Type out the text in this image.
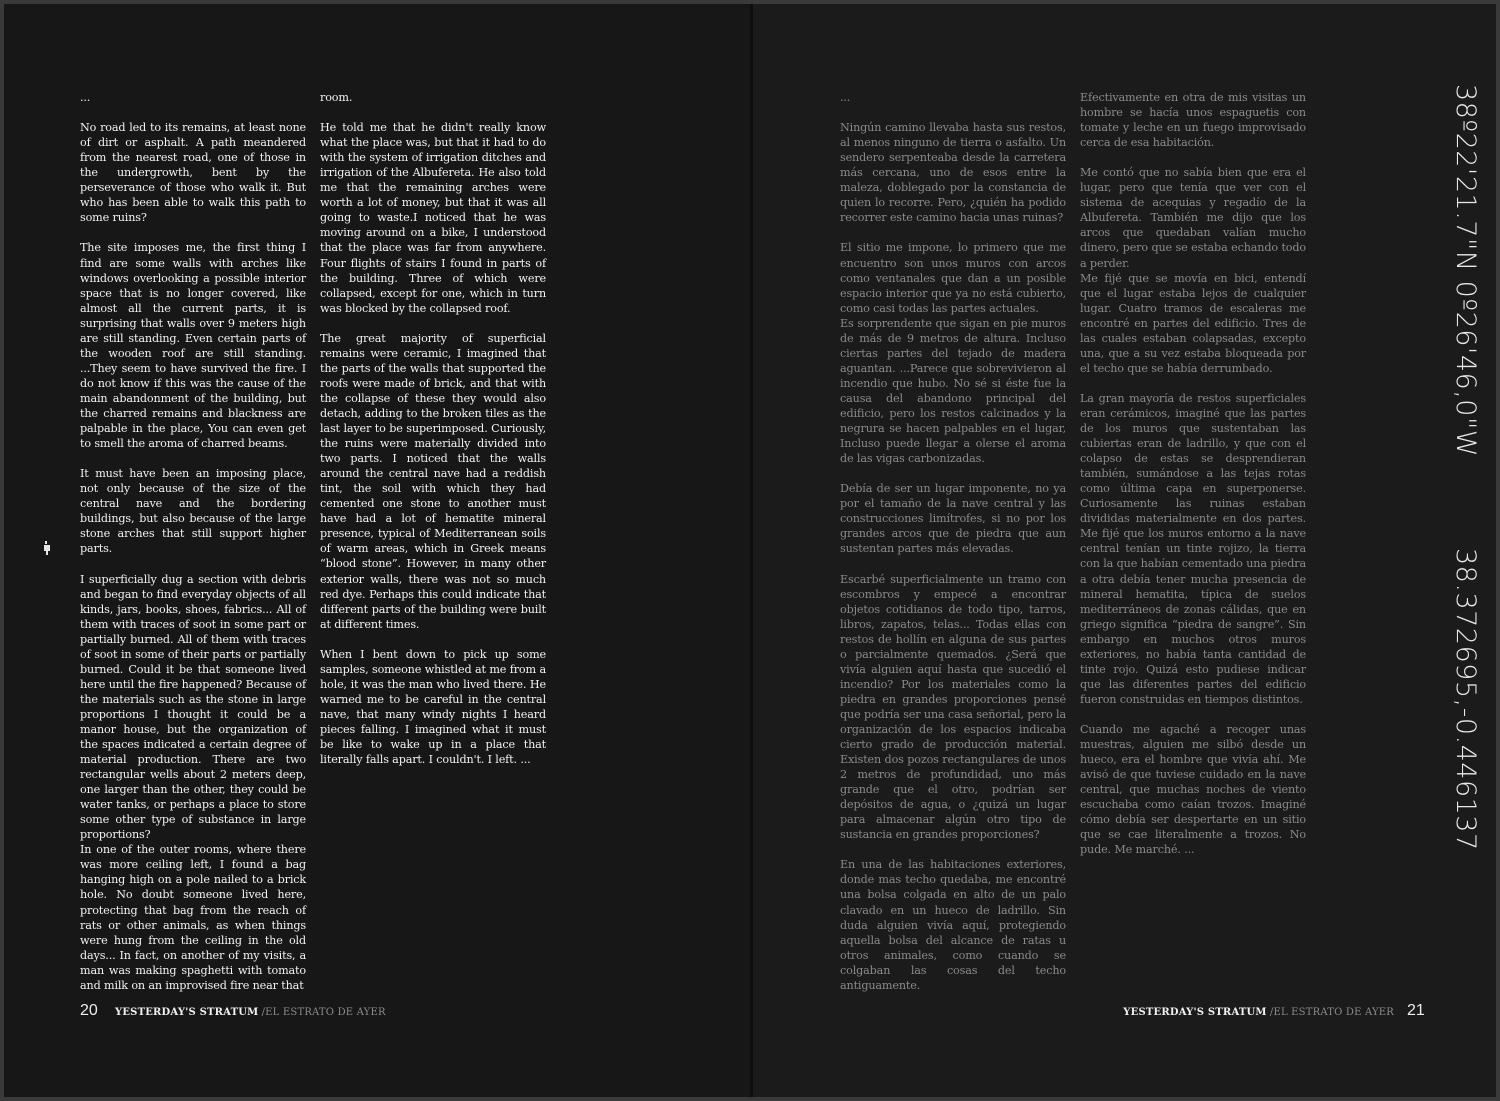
...

No road led to its remains, at least none of dirt or asphalt. A path meandered from the nearest road, one of those in the undergrowth, bent by the perseverance of those who walk it. But who has been able to walk this path to some ruins?

The site imposes me, the first thing I find are some walls with arches like windows overlooking a possible interior space that is no longer covered, like almost all the current parts, it is surprising that walls over 9 meters high are still standing. Even certain parts of the wooden roof are still standing. ...They seem to have survived the fire. I do not know if this was the cause of the main abandonment of the building, but the charred remains and blackness are palpable in the place, You can even get to smell the aroma of charred beams.

It must have been an imposing place, not only because of the size of the central nave and the bordering buildings, but also because of the large stone arches that still support higher parts.

I superficially dug a section with debris and began to find everyday objects of all kinds, jars, books, shoes, fabrics... All of them with traces of soot in some part or partially burned. All of them with traces of soot in some of their parts or partially burned. Could it be that someone lived here until the fire happened? Because of the materials such as the stone in large proportions I thought it could be a manor house, but the organization of the spaces indicated a certain degree of material production. There are two rectangular wells about 2 meters deep, one larger than the other, they could be water tanks, or perhaps a place to store some other type of substance in large proportions?
In one of the outer rooms, where there was more ceiling left, I found a bag hanging high on a pole nailed to a brick hole. No doubt someone lived here, protecting that bag from the reach of rats or other animals, as when things were hung from the ceiling in the old days... In fact, on another of my visits, a man was making spaghetti with tomato and milk on an improvised fire near that
room.

He told me that he didn't really know what the place was, but that it had to do with the system of irrigation ditches and irrigation of the Albufereta. He also told me that the remaining arches were worth a lot of money, but that it was all going to waste.I noticed that he was moving around on a bike, I understood that the place was far from anywhere. Four flights of stairs I found in parts of the building. Three of which were collapsed, except for one, which in turn was blocked by the collapsed roof.

The great majority of superficial remains were ceramic, I imagined that the parts of the walls that supported the roofs were made of brick, and that with the collapse of these they would also detach, adding to the broken tiles as the last layer to be superimposed. Curiously, the ruins were materially divided into two parts. I noticed that the walls around the central nave had a reddish tint, the soil with which they had cemented one stone to another must have had a lot of hematite mineral presence, typical of Mediterranean soils of warm areas, which in Greek means “blood stone”. However, in many other exterior walls, there was not so much red dye. Perhaps this could indicate that different parts of the building were built at different times.

When I bent down to pick up some samples, someone whistled at me from a hole, it was the man who lived there. He warned me to be careful in the central nave, that many windy nights I heard pieces falling. I imagined what it must be like to wake up in a place that literally falls apart. I couldn't. I left. ...
20 YESTERDAY'S STRATUM /EL ESTRATO DE AYER
...

Ningún camino llevaba hasta sus restos, al menos ninguno de tierra o asfalto. Un sendero serpenteaba desde la carretera más cercana, uno de esos entre la maleza, doblegado por la constancia de quien lo recorre. Pero, ¿quién ha podido recorrer este camino hacia unas ruinas?

El sitio me impone, lo primero que me encuentro son unos muros con arcos como ventanales que dan a un posible espacio interior que ya no está cubierto, como casi todas las partes actuales.
Es sorprendente que sigan en pie muros de más de 9 metros de altura. Incluso ciertas partes del tejado de madera aguantan. ...Parece que sobrevivieron al incendio que hubo. No sé si éste fue la causa del abandono principal del edificio, pero los restos calcinados y la negrura se hacen palpables en el lugar, Incluso puede llegar a olerse el aroma de las vigas carbonizadas.

Debía de ser un lugar imponente, no ya por el tamaño de la nave central y las construcciones limítrofes, si no por los grandes arcos que de piedra que aun sustentan partes más elevadas.

Escarbé superficialmente un tramo con escombros y empecé a encontrar objetos cotidianos de todo tipo, tarros, libros, zapatos, telas... Todas ellas con restos de hollín en alguna de sus partes o parcialmente quemados. ¿Será que vivía alguien aquí hasta que sucedió el incendio? Por los materiales como la piedra en grandes proporciones pensé que podría ser una casa señorial, pero la organización de los espacios indicaba cierto grado de producción material. Existen dos pozos rectangulares de unos 2 metros de profundidad, uno más grande que el otro, podrían ser depósitos de agua, o ¿quizá un lugar para almacenar algún otro tipo de sustancia en grandes proporciones?

En una de las habitaciones exteriores, donde mas techo quedaba, me encontré una bolsa colgada en alto de un palo clavado en un hueco de ladrillo. Sin duda alguien vivía aquí, protegiendo aquella bolsa del alcance de ratas u otros animales, como cuando se colgaban las cosas del techo antiguamente.
Efectivamente en otra de mis visitas un hombre se hacía unos espaguetis con tomate y leche en un fuego improvisado cerca de esa habitación.

Me contó que no sabía bien que era el lugar, pero que tenía que ver con el sistema de acequias y regadío de la Albufereta. También me dijo que los arcos que quedaban valían mucho dinero, pero que se estaba echando todo a perder.
Me fijé que se movía en bici, entendí que el lugar estaba lejos de cualquier lugar. Cuatro tramos de escaleras me encontré en partes del edificio. Tres de las cuales estaban colapsadas, excepto una, que a su vez estaba bloqueada por el techo que se había derrumbado.

La gran mayoría de restos superficiales eran cerámicos, imaginé que las partes de los muros que sustentaban las cubiertas eran de ladrillo, y que con el colapso de estas se desprendieran también, sumándose a las tejas rotas como última capa en superponerse. Curiosamente las ruinas estaban divididas materialmente en dos partes. Me fijé que los muros entorno a la nave central tenían un tinte rojizo, la tierra con la que habían cementado una piedra a otra debía tener mucha presencia de mineral hematita, típica de suelos mediterráneos de zonas cálidas, que en griego significa “piedra de sangre”. Sin embargo en muchos otros muros exteriores, no había tanta cantidad de tinte rojo. Quizá esto pudiese indicar que las diferentes partes del edificio fueron construidas en tiempos distintos.

Cuando me agaché a recoger unas muestras, alguien me silbó desde un hueco, era el hombre que vivía ahí. Me avisó de que tuviese cuidado en la nave central, que muchas noches de viento escuchaba como caían trozos. Imaginé cómo debía ser despertarte en un sitio que se cae literalmente a trozos. No pude. Me marché. ...
38º22'21.7"N 0º26'46,0"W
38.372695,-0.446137
YESTERDAY'S STRATUM /EL ESTRATO DE AYER 21
